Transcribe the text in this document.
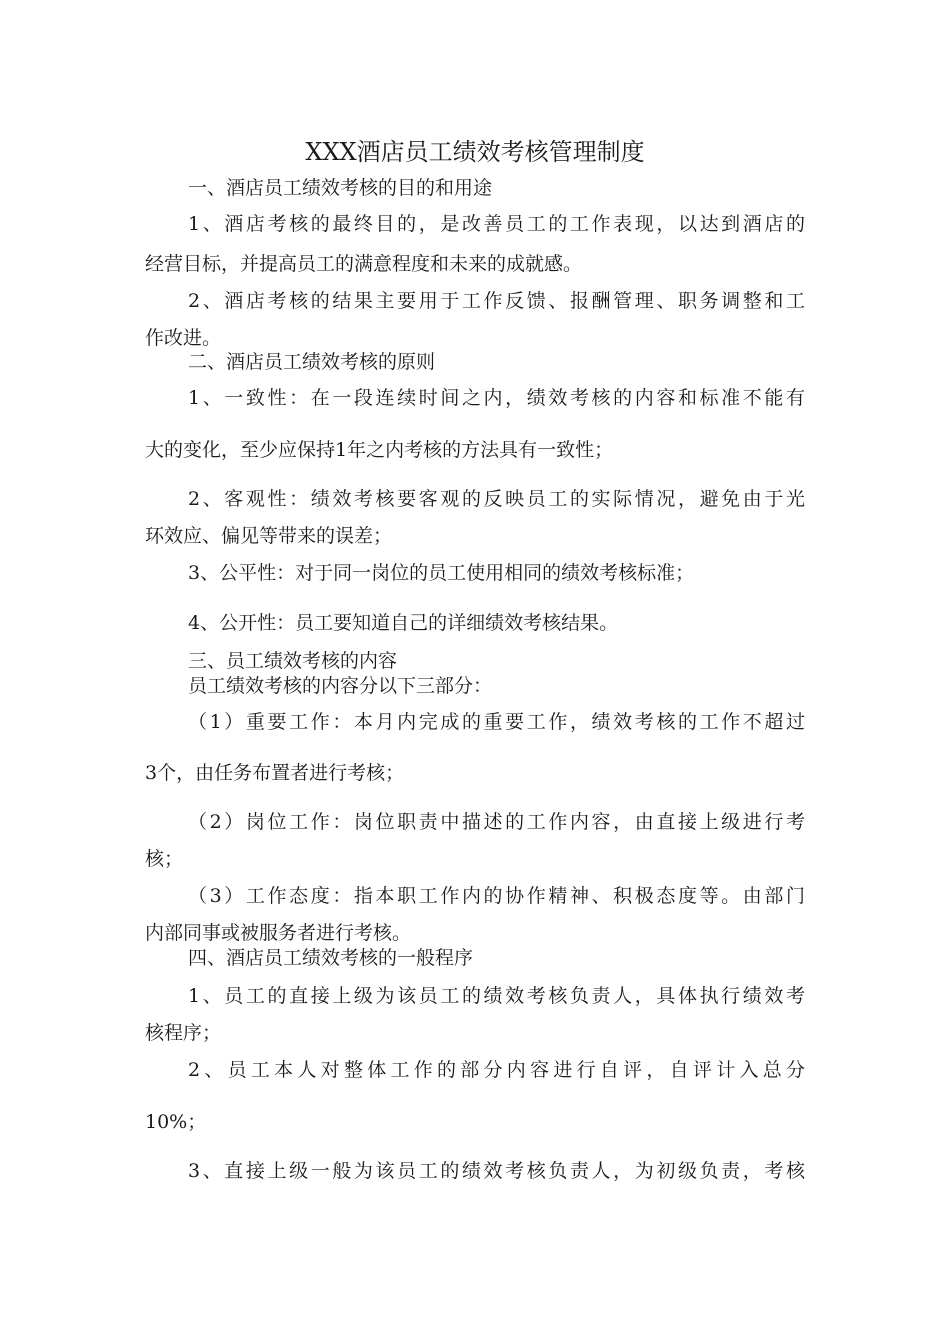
XXX酒店员工绩效考核管理制度

一、酒店员工绩效考核的目的和用途

1、酒店考核的最终目的，是改善员工的工作表现，以达到酒店的

经营目标，并提高员工的满意程度和未来的成就感。

2、酒店考核的结果主要用于工作反馈、报酬管理、职务调整和工

作改进。

二、酒店员工绩效考核的原则

1、一致性：在一段连续时间之内，绩效考核的内容和标准不能有

大的变化，至少应保持1年之内考核的方法具有一致性；

2、客观性：绩效考核要客观的反映员工的实际情况，避免由于光

环效应、偏见等带来的误差；

3、公平性：对于同一岗位的员工使用相同的绩效考核标准；

4、公开性：员工要知道自己的详细绩效考核结果。

三、员工绩效考核的内容

员工绩效考核的内容分以下三部分：

（1）重要工作：本月内完成的重要工作，绩效考核的工作不超过

3个，由任务布置者进行考核；

（2）岗位工作：岗位职责中描述的工作内容，由直接上级进行考

核；

（3）工作态度：指本职工作内的协作精神、积极态度等。由部门

内部同事或被服务者进行考核。

四、酒店员工绩效考核的一般程序

1、员工的直接上级为该员工的绩效考核负责人，具体执行绩效考

核程序；

2、员工本人对整体工作的部分内容进行自评，自评计入总分

10%；

3、直接上级一般为该员工的绩效考核负责人，为初级负责，考核
